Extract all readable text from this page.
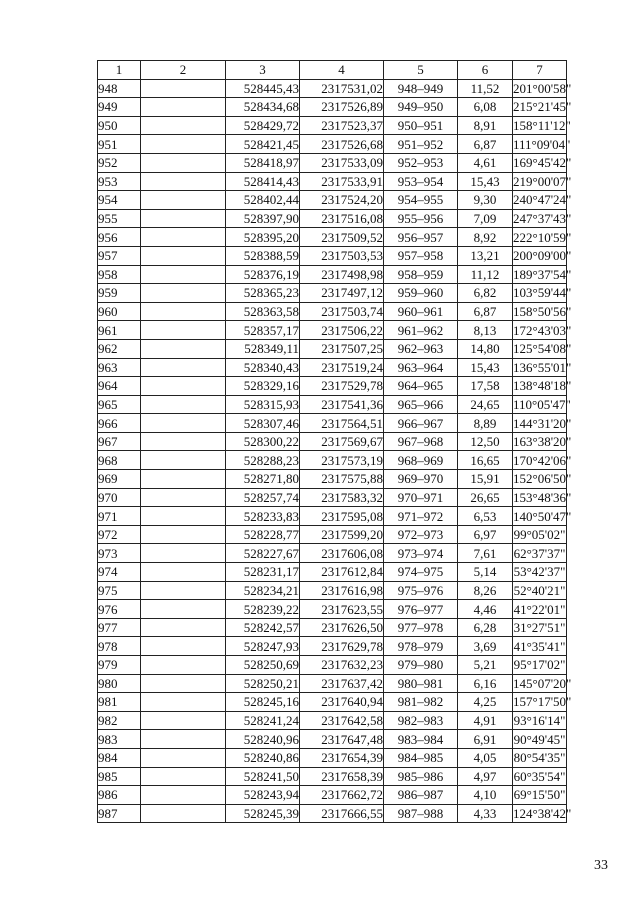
1	2	3	4	5	6	7
948		528445,43	2317531,02	948–949	11,52	201°00'58"
949		528434,68	2317526,89	949–950	6,08	215°21'45"
950		528429,72	2317523,37	950–951	8,91	158°11'12"
951		528421,45	2317526,68	951–952	6,87	111°09'04"
952		528418,97	2317533,09	952–953	4,61	169°45'42"
953		528414,43	2317533,91	953–954	15,43	219°00'07"
954		528402,44	2317524,20	954–955	9,30	240°47'24"
955		528397,90	2317516,08	955–956	7,09	247°37'43"
956		528395,20	2317509,52	956–957	8,92	222°10'59"
957		528388,59	2317503,53	957–958	13,21	200°09'00"
958		528376,19	2317498,98	958–959	11,12	189°37'54"
959		528365,23	2317497,12	959–960	6,82	103°59'44"
960		528363,58	2317503,74	960–961	6,87	158°50'56"
961		528357,17	2317506,22	961–962	8,13	172°43'03"
962		528349,11	2317507,25	962–963	14,80	125°54'08"
963		528340,43	2317519,24	963–964	15,43	136°55'01"
964		528329,16	2317529,78	964–965	17,58	138°48'18"
965		528315,93	2317541,36	965–966	24,65	110°05'47"
966		528307,46	2317564,51	966–967	8,89	144°31'20"
967		528300,22	2317569,67	967–968	12,50	163°38'20"
968		528288,23	2317573,19	968–969	16,65	170°42'06"
969		528271,80	2317575,88	969–970	15,91	152°06'50"
970		528257,74	2317583,32	970–971	26,65	153°48'36"
971		528233,83	2317595,08	971–972	6,53	140°50'47"
972		528228,77	2317599,20	972–973	6,97	99°05'02"
973		528227,67	2317606,08	973–974	7,61	62°37'37"
974		528231,17	2317612,84	974–975	5,14	53°42'37"
975		528234,21	2317616,98	975–976	8,26	52°40'21"
976		528239,22	2317623,55	976–977	4,46	41°22'01"
977		528242,57	2317626,50	977–978	6,28	31°27'51"
978		528247,93	2317629,78	978–979	3,69	41°35'41"
979		528250,69	2317632,23	979–980	5,21	95°17'02"
980		528250,21	2317637,42	980–981	6,16	145°07'20"
981		528245,16	2317640,94	981–982	4,25	157°17'50"
982		528241,24	2317642,58	982–983	4,91	93°16'14"
983		528240,96	2317647,48	983–984	6,91	90°49'45"
984		528240,86	2317654,39	984–985	4,05	80°54'35"
985		528241,50	2317658,39	985–986	4,97	60°35'54"
986		528243,94	2317662,72	986–987	4,10	69°15'50"
987		528245,39	2317666,55	987–988	4,33	124°38'42"
33
